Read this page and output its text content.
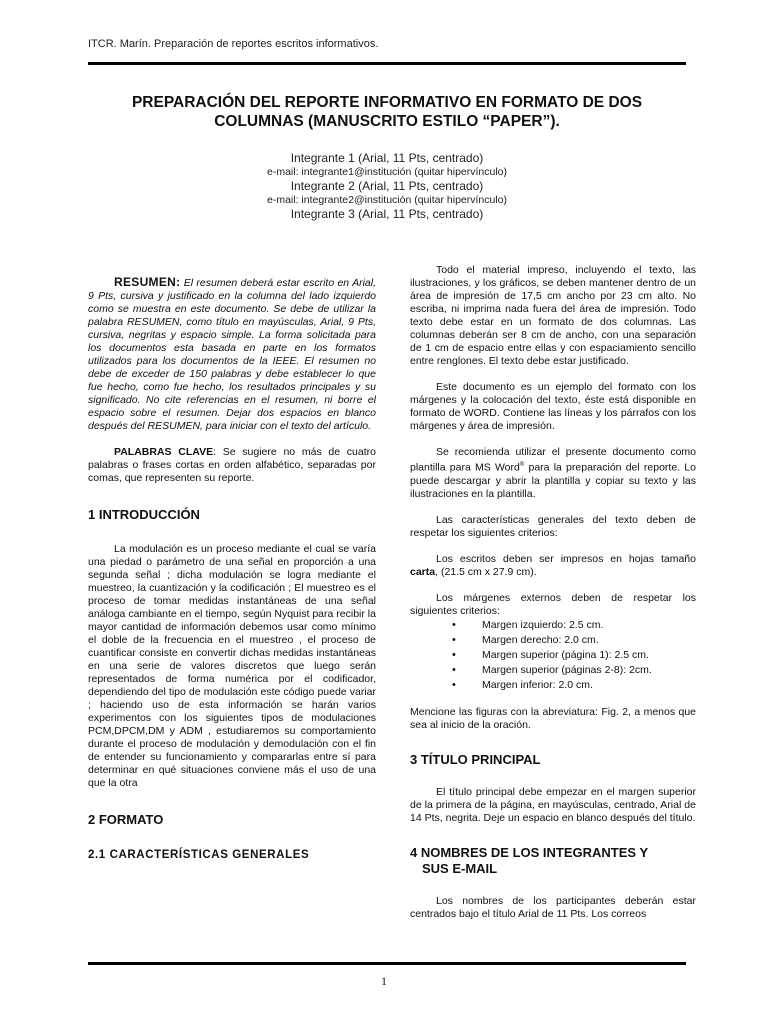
ITCR. Marín. Preparación de reportes escritos informativos.
PREPARACIÓN DEL REPORTE INFORMATIVO EN FORMATO DE DOS
COLUMNAS (MANUSCRITO ESTILO “PAPER”).
Integrante 1 (Arial, 11 Pts, centrado)
e-mail: integrante1@institución (quitar hipervínculo)
Integrante 2 (Arial, 11 Pts, centrado)
e-mail: integrante2@institución (quitar hipervínculo)
Integrante 3 (Arial, 11 Pts, centrado)

RESUMEN: El resumen deberá estar escrito en Arial, 9 Pts, cursiva y justificado en la columna del lado izquierdo como se muestra en este documento. Se debe de utilizar la palabra RESUMEN, como título en mayúsculas, Arial, 9 Pts, cursiva, negritas y espacio simple. La forma solicitada para los documentos esta basada en parte en los formatos utilizados para los documentos de la IEEE. El resumen no debe de exceder de 150 palabras y debe establecer lo que fue hecho, como fue hecho, los resultados principales y su significado. No cite referencias en el resumen, ni borre el espacio sobre el resumen. Dejar dos espacios en blanco después del RESUMEN, para iniciar con el texto del artículo.

PALABRAS CLAVE: Se sugiere no más de cuatro palabras o frases cortas en orden alfabético, separadas por comas, que representen su reporte.

1 INTRODUCCIÓN

La modulación es un proceso mediante el cual se varía una piedad o parámetro de una señal en proporción a una segunda señal ; dicha modulación se logra mediante el muestreo, la cuantización y la codificación ; El muestreo es el proceso de tomar medidas instantáneas de una señal análoga cambiante en el tiempo, según Nyquist para recibir la mayor cantidad de información debemos usar como mínimo el doble de la frecuencia en el muestreo , el proceso de cuantificar consiste en convertir dichas medidas instantáneas en una serie de valores discretos que luego serán representados de forma numérica por el codificador, dependiendo del tipo de modulación este código puede variar ; haciendo uso de esta información se harán varios experimentos con los siguientes tipos de modulaciones PCM,DPCM,DM y ADM , estudiaremos su comportamiento durante el proceso de modulación y demodulación con el fin de entender su funcionamiento y compararlas entre sí para determinar en qué situaciones conviene más el uso de una que la otra

2 FORMATO
2.1 CARACTERÍSTICAS GENERALES

Todo el material impreso, incluyendo el texto, las ilustraciones, y los gráficos, se deben mantener dentro de un área de impresión de 17,5 cm ancho por 23 cm alto. No escriba, ni imprima nada fuera del área de impresión. Todo texto debe estar en un formato de dos columnas. Las columnas deberán ser 8 cm de ancho, con una separación de 1 cm de espacio entre ellas y con espaciamiento sencillo entre renglones. El texto debe estar justificado.

Este documento es un ejemplo del formato con los márgenes y la colocación del texto, éste está disponible en formato de WORD. Contiene las líneas y los párrafos con los márgenes y área de impresión.

Se recomienda utilizar el presente documento como plantilla para MS Word® para la preparación del reporte. Lo puede descargar y abrir la plantilla y copiar su texto y las ilustraciones en la plantilla.

Las características generales del texto deben de respetar los siguientes criterios:

Los escritos deben ser impresos en hojas tamaño carta, (21.5 cm x 27.9 cm).

Los márgenes externos deben de respetar los siguientes criterios:

• Margen izquierdo: 2.5 cm.
• Margen derecho: 2.0 cm.
• Margen superior (página 1): 2.5 cm.
• Margen superior (páginas 2-8): 2cm.
• Margen inferior: 2.0 cm.

Mencione las figuras con la abreviatura: Fig. 2, a menos que sea al inicio de la oración.

3 TÍTULO PRINCIPAL

El título principal debe empezar en el margen superior de la primera de la página, en mayúsculas, centrado, Arial de 14 Pts, negrita. Deje un espacio en blanco después del título.

4 NOMBRES DE LOS INTEGRANTES Y
SUS E-MAIL

Los nombres de los participantes deberán estar centrados bajo el título Arial de 11 Pts. Los correos

1
